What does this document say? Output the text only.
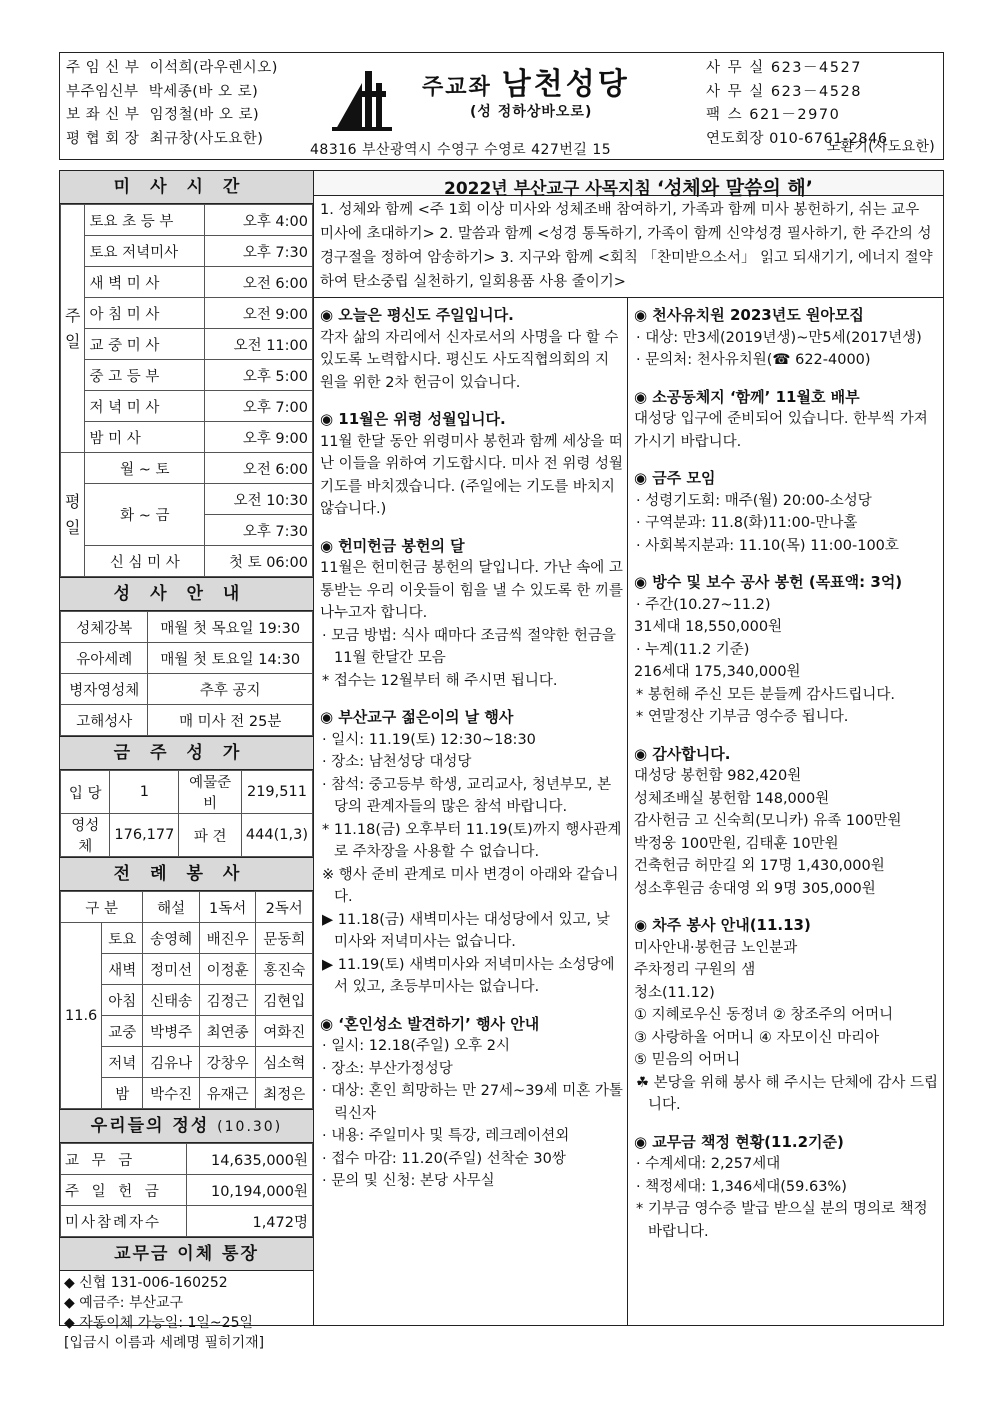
주 임 신 부 이석희(라우렌시오)
부주임신부 박세종(바 오 로)
보 좌 신 부 임정철(바 오 로)
평 협 회 장 최규창(사도요한)
주교좌 남천성당
(성 정하상바오로)
48316 부산광역시 수영구 수영로 427번길 15
사 무 실 623－4527
사 무 실 623－4528
팩 스 621－2970
연도회장 010-6761-2846
노환기(사도요한)
미사시간
주일	토요 초 등 부	오후 4:00
	토요 저녁미사	오후 7:30
	새 벽 미 사	오전 6:00
	아 침 미 사	오전 9:00
	교 중 미 사	오전 11:00
	중 고 등 부	오후 5:00
	저 녁 미 사	오후 7:00
	밤 미 사	오후 9:00
평일	월 ~ 토	오전 6:00
	화 ~ 금	오전 10:30
		오후 7:30
	신 심 미 사	첫 토 06:00
성사안내
성체강복	매월 첫 목요일 19:30
유아세례	매월 첫 토요일 14:30
병자영성체	추후 공지
고해성사	매 미사 전 25분
금주성가
입 당	1	예물준비	219,511
영성체	176,177	파 견	444(1,3)
전례봉사
구 분		해설	1독서	2독서
11.6	토요	송영혜	배진우	문동희
	새벽	정미선	이정훈	홍진숙
	아침	신태송	김정근	김현입
	교중	박병주	최연종	여화진
	저녁	김유나	강창우	심소혁
	밤	박수진	유재근	최정은
우리들의 정성 (10.30)
교 무 금	14,635,000원
주 일 헌 금	10,194,000원
미사참례자수	1,472명
교무금 이체 통장
◆ 신협 131-006-160252
◆ 예금주: 부산교구
◆ 자동이체 가능일: 1일~25일
[입금시 이름과 세례명 필히기재]
2022년 부산교구 사목지침 ‘성체와 말씀의 해’
1. 성체와 함께 <주 1회 이상 미사와 성체조배 참여하기, 가족과 함께 미사 봉헌하기, 쉬는 교우 미사에 초대하기> 2. 말씀과 함께 <성경 통독하기, 가족이 함께 신약성경 필사하기, 한 주간의 성경구절을 정하여 암송하기> 3. 지구와 함께 <회칙 「찬미받으소서」 읽고 되새기기, 에너지 절약하여 탄소중립 실천하기, 일회용품 사용 줄이기>
◉ 오늘은 평신도 주일입니다.
각자 삶의 자리에서 신자로서의 사명을 다 할 수 있도록 노력합시다. 평신도 사도직협의회의 지원을 위한 2차 헌금이 있습니다.
◉ 11월은 위령 성월입니다.
11월 한달 동안 위령미사 봉헌과 함께 세상을 떠난 이들을 위하여 기도합시다. 미사 전 위령 성월 기도를 바치겠습니다. (주일에는 기도를 바치지 않습니다.)
◉ 헌미헌금 봉헌의 달
11월은 헌미헌금 봉헌의 달입니다. 가난 속에 고통받는 우리 이웃들이 힘을 낼 수 있도록 한 끼를 나누고자 합니다.
· 모금 방법: 식사 때마다 조금씩 절약한 헌금을 11월 한달간 모음
* 접수는 12월부터 해 주시면 됩니다.
◉ 부산교구 젊은이의 날 행사
· 일시: 11.19(토) 12:30~18:30
· 장소: 남천성당 대성당
· 참석: 중고등부 학생, 교리교사, 청년부모, 본당의 관계자들의 많은 참석 바랍니다.
* 11.18(금) 오후부터 11.19(토)까지 행사관계로 주차장을 사용할 수 없습니다.
※ 행사 준비 관계로 미사 변경이 아래와 같습니다.
▶ 11.18(금) 새벽미사는 대성당에서 있고, 낮미사와 저녁미사는 없습니다.
▶ 11.19(토) 새벽미사와 저녁미사는 소성당에서 있고, 초등부미사는 없습니다.
◉ ‘혼인성소 발견하기’ 행사 안내
· 일시: 12.18(주일) 오후 2시
· 장소: 부산가정성당
· 대상: 혼인 희망하는 만 27세~39세 미혼 가톨릭신자
· 내용: 주일미사 및 특강, 레크레이션외
· 접수 마감: 11.20(주일) 선착순 30쌍
· 문의 및 신청: 본당 사무실
◉ 천사유치원 2023년도 원아모집
· 대상: 만3세(2019년생)~만5세(2017년생)
· 문의처: 천사유치원(☎ 622-4000)
◉ 소공동체지 ‘함께’ 11월호 배부
대성당 입구에 준비되어 있습니다. 한부씩 가져 가시기 바랍니다.
◉ 금주 모임
· 성령기도회: 매주(월) 20:00-소성당
· 구역분과: 11.8(화)11:00-만나홀
· 사회복지분과: 11.10(목) 11:00-100호
◉ 방수 및 보수 공사 봉헌 (목표액: 3억)
· 주간(10.27~11.2)
31세대 18,550,000원
· 누계(11.2 기준)
216세대 175,340,000원
* 봉헌해 주신 모든 분들께 감사드립니다.
* 연말정산 기부금 영수증 됩니다.
◉ 감사합니다.
대성당 봉헌함 982,420원
성체조배실 봉헌함 148,000원
감사헌금 고 신숙희(모니카) 유족 100만원
박정웅 100만원, 김태훈 10만원
건축헌금 허만길 외 17명 1,430,000원
성소후원금 송대영 외 9명 305,000원
◉ 차주 봉사 안내(11.13)
미사안내·봉헌금 노인분과
주차정리 구원의 샘
청소(11.12)
① 지혜로우신 동정녀 ② 창조주의 어머니
③ 사랑하올 어머니 ④ 자모이신 마리아
⑤ 믿음의 어머니
☘ 본당을 위해 봉사 해 주시는 단체에 감사 드립니다.
◉ 교무금 책정 현황(11.2기준)
· 수계세대: 2,257세대
· 책정세대: 1,346세대(59.63%)
* 기부금 영수증 발급 받으실 분의 명의로 책정 바랍니다.
